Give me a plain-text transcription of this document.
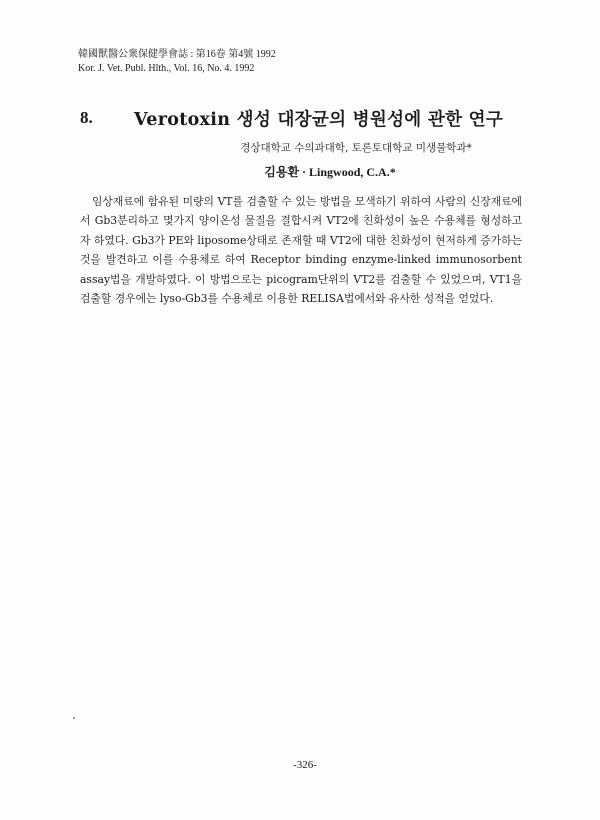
韓國獸醫公衆保健學會誌 : 第16卷 第4號 1992
Kor. J. Vet. Publ. Hlth., Vol. 16, No. 4. 1992
8. Verotoxin 생성 대장균의 병원성에 관한 연구
경상대학교 수의과대학, 토론토대학교 미생물학과*
김용환 · Lingwood, C.A.*

임상재료에 함유된 미량의 VT를 검출할 수 있는 방법을 모색하기 위하여 사람의 신장재료에서 Gb3분리하고 몇가지 양이온성 물질을 결합시켜 VT2에 친화성이 높은 수용체를 형성하고자 하였다. Gb3가 PE와 liposome상태로 존재할 때 VT2에 대한 친화성이 현저하게 증가하는 것을 발견하고 이를 수용체로 하여 Receptor binding enzyme-linked immunosorbent assay법을 개발하였다. 이 방법으로는 picogram단위의 VT2를 검출할 수 있었으며, VT1을 검출할 경우에는 lyso-Gb3를 수용체로 이용한 RELISA법에서와 유사한 성적을 얻었다.

-326-
